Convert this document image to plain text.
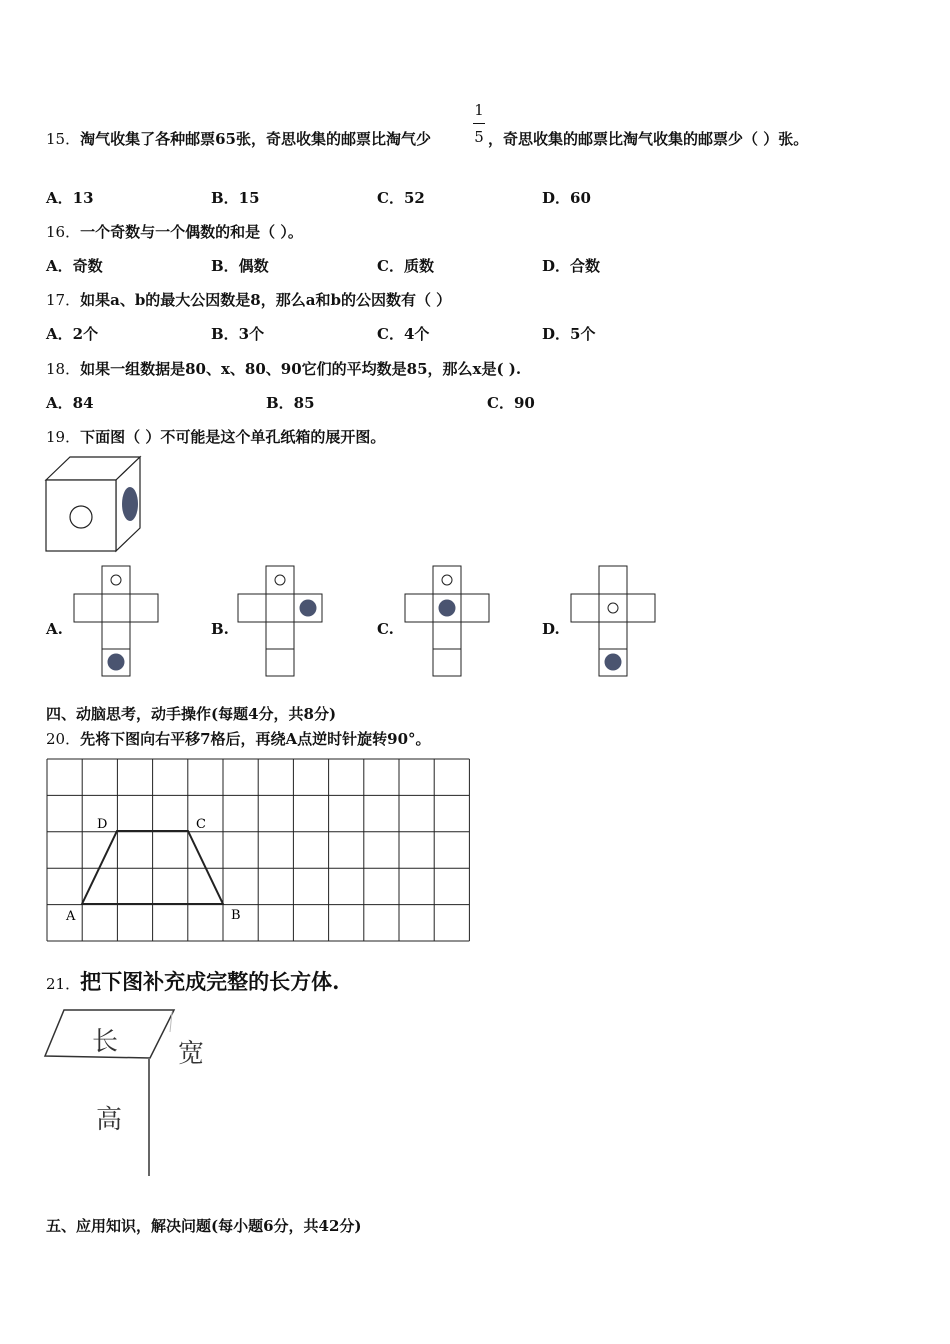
15．淘气收集了各种邮票65张，奇思收集的邮票比淘气少
1
5 ，奇思收集的邮票比淘气收集的邮票少（ ）张。
A．13	B．15	C．52	D．60
16．一个奇数与一个偶数的和是（ ）。
A．奇数	B．偶数	C．质数	D．合数
17．如果a、b的最大公因数是8，那么a和b的公因数有（ ）
A．2个	B．3个	C．4个	D．5个
18．如果一组数据是80、x、80、90它们的平均数是85，那么x是( ).
A．84	B．85	C．90
19．下面图（ ）不可能是这个单孔纸箱的展开图。
A.	B.	C.	D.
四、动脑思考，动手操作(每题4分，共8分)
20．先将下图向右平移7格后，再绕A点逆时针旋转90°。
A	B
C
D
21．把下图补充成完整的长方体.
长 宽
高
五、应用知识，解决问题(每小题6分，共42分)
